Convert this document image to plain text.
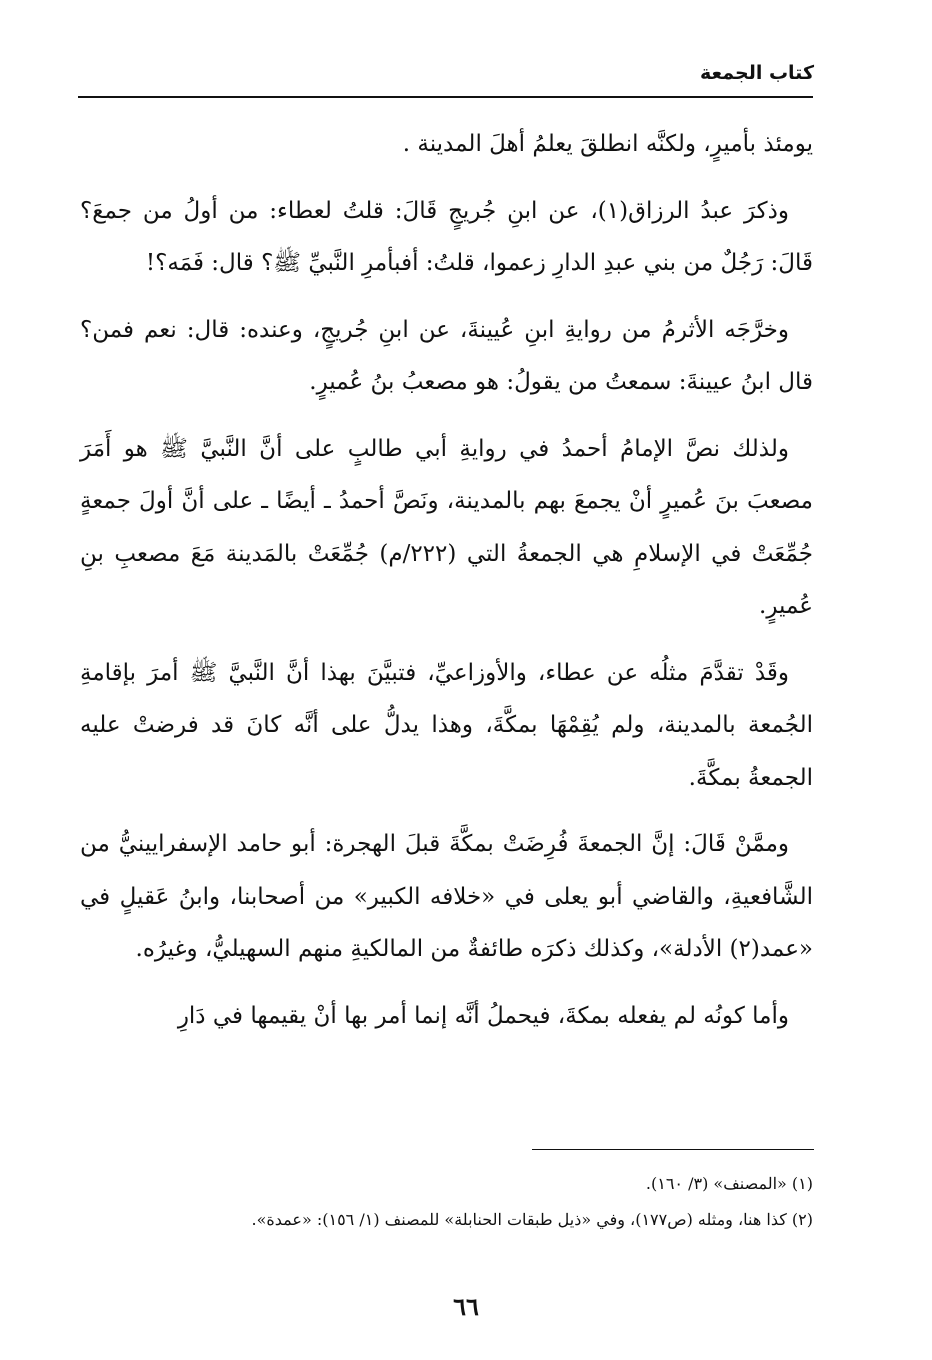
كتاب الجمعة

يومئذ بأميرٍ، ولكنَّه انطلقَ يعلمُ أهلَ المدينة .

وذكرَ عبدُ الرزاق(١)، عن ابنِ جُريجٍ قَالَ: قلتُ لعطاء: من أولُ من جمعَ؟ قَالَ: رَجُلٌ من بني عبدِ الدارِ زعموا، قلتُ: أفبأمرِ النَّبيِّ ﷺ؟ قال: فَمَه؟!

وخرَّجَه الأثرمُ من روايةِ ابنِ عُيينةَ، عن ابنِ جُريجٍ، وعنده: قال: نعم فمن؟ قال ابنُ عيينةَ: سمعتُ من يقولُ: هو مصعبُ بنُ عُميرٍ.

ولذلك نصَّ الإمامُ أحمدُ في روايةِ أبي طالبٍ على أنَّ النَّبيَّ ﷺ هو أَمَرَ مصعبَ بنَ عُميرٍ أنْ يجمعَ بهم بالمدينة، ونَصَّ أحمدُ ـ أيضًا ـ على أنَّ أولَ جمعةٍ جُمِّعَتْ في الإسلامِ هي الجمعةُ التي (٢٢٢/م) جُمِّعَتْ بالمَدينة مَعَ مصعبِ بنِ عُميرٍ.

وقَدْ تقدَّمَ مثلُه عن عطاء، والأوزاعيِّ، فتبيَّنَ بهذا أنَّ النَّبيَّ ﷺ أمرَ بإقامةِ الجُمعة بالمدينة، ولم يُقِمْهَا بمكَّةَ، وهذا يدلُّ على أنَّه كانَ قد فرضتْ عليه الجمعةُ بمكَّةَ.

وممَّنْ قَالَ: إنَّ الجمعةَ فُرِضَتْ بمكَّةَ قبلَ الهجرة: أبو حامد الإسفرايينيُّ من الشَّافعيةِ، والقاضي أبو يعلى في «خلافه الكبير» من أصحابنا، وابنُ عَقيلٍ في «عمد(٢) الأدلة»، وكذلك ذكرَه طائفةٌ من المالكيةِ منهم السهيليُّ، وغيرُه.

وأما كونُه لم يفعله بمكةَ، فيحملُ أنَّه إنما أمر بها أنْ يقيمها في دَارِ

(١) «المصنف» (٣/ ١٦٠).

(٢) كذا هنا، ومثله (ص١٧٧)، وفي «ذيل طبقات الحنابلة» للمصنف (١/ ١٥٦): «عمدة».

٦٦
